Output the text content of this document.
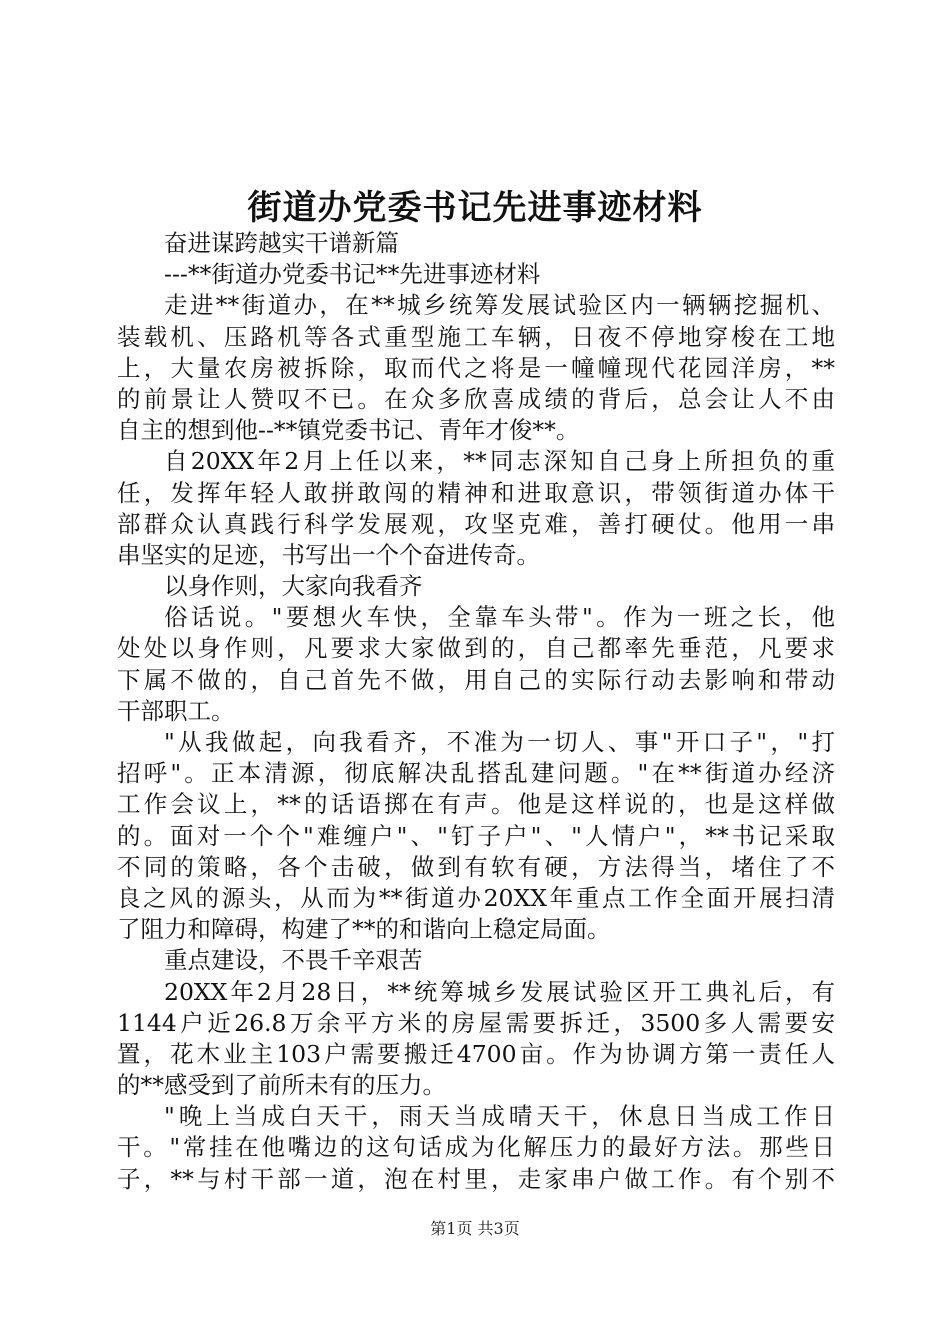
街道办党委书记先进事迹材料
奋进谋跨越实干谱新篇
---**街道办党委书记**先进事迹材料
走进**街道办，在**城乡统筹发展试验区内一辆辆挖掘机、
装载机、压路机等各式重型施工车辆，日夜不停地穿梭在工地
上，大量农房被拆除，取而代之将是一幢幢现代花园洋房，**
的前景让人赞叹不已。在众多欣喜成绩的背后，总会让人不由
自主的想到他--**镇党委书记、青年才俊**。
自20XX年2月上任以来，**同志深知自己身上所担负的重
任，发挥年轻人敢拼敢闯的精神和进取意识，带领街道办体干
部群众认真践行科学发展观，攻坚克难，善打硬仗。他用一串
串坚实的足迹，书写出一个个奋进传奇。
以身作则，大家向我看齐
俗话说。"要想火车快，全靠车头带"。作为一班之长，他
处处以身作则，凡要求大家做到的，自己都率先垂范，凡要求
下属不做的，自己首先不做，用自己的实际行动去影响和带动
干部职工。
"从我做起，向我看齐，不准为一切人、事"开口子"，"打
招呼"。正本清源，彻底解决乱搭乱建问题。"在**街道办经济
工作会议上，**的话语掷在有声。他是这样说的，也是这样做
的。面对一个个"难缠户"、"钉子户"、"人情户"，**书记采取
不同的策略，各个击破，做到有软有硬，方法得当，堵住了不
良之风的源头，从而为**街道办20XX年重点工作全面开展扫清
了阻力和障碍，构建了**的和谐向上稳定局面。
重点建设，不畏千辛艰苦
20XX年2月28日，**统筹城乡发展试验区开工典礼后，有
1144户近26.8万余平方米的房屋需要拆迁，3500多人需要安
置，花木业主103户需要搬迁4700亩。作为协调方第一责任人
的**感受到了前所未有的压力。
"晚上当成白天干，雨天当成晴天干，休息日当成工作日
干。"常挂在他嘴边的这句话成为化解压力的最好方法。那些日
子，**与村干部一道，泡在村里，走家串户做工作。有个别不
第1页 共3页
